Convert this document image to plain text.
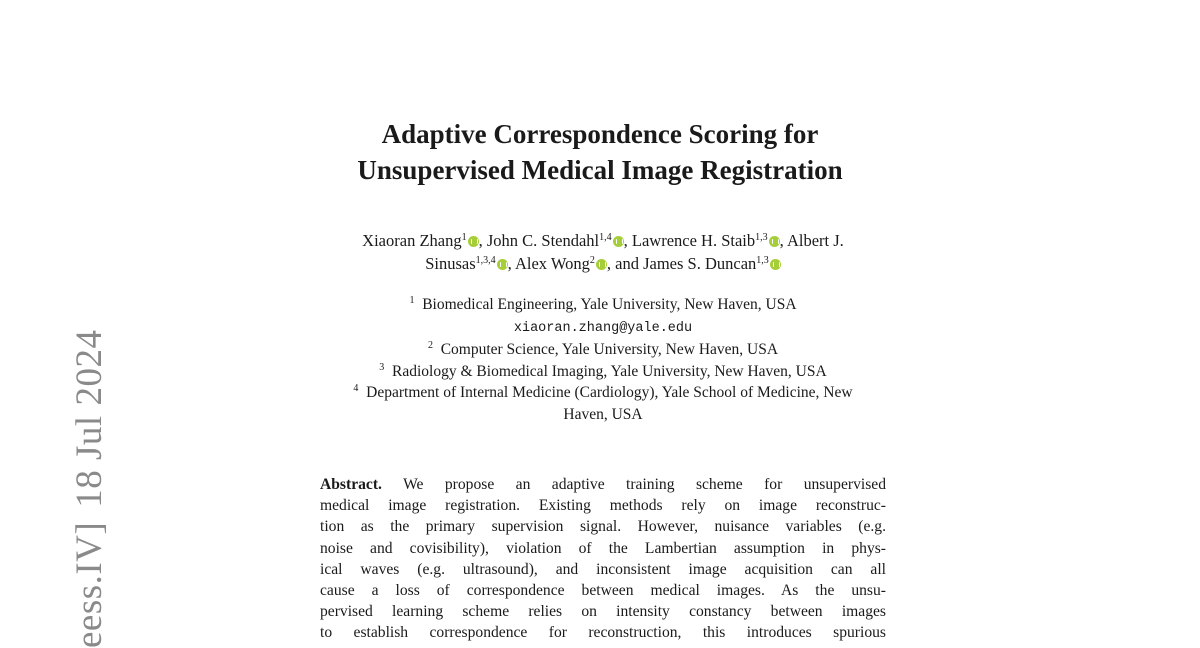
eess.IV]18 Jul 2024
Adaptive Correspondence Scoring for
Unsupervised Medical Image Registration
Xiaoran Zhang$^1$ , John C. Stendahl$^{1,4}$ , Lawrence H. Staib$^{1,3}$ , Albert J.
Sinusas$^{1,3,4}$ , Alex Wong$^2$ , and James S. Duncan$^{1,3}$
$^1$ Biomedical Engineering, Yale University, New Haven, USA
xiaoran.zhang@yale.edu
$^2$ Computer Science, Yale University, New Haven, USA
$^3$ Radiology & Biomedical Imaging, Yale University, New Haven, USA
$^4$ Department of Internal Medicine (Cardiology), Yale School of Medicine, New
Haven, USA
Abstract. We propose an adaptive training scheme for unsupervised
medical image registration. Existing methods rely on image reconstruc-
tion as the primary supervision signal. However, nuisance variables (e.g.
noise and covisibility), violation of the Lambertian assumption in phys-
ical waves (e.g. ultrasound), and inconsistent image acquisition can all
cause a loss of correspondence between medical images. As the unsu-
pervised learning scheme relies on intensity constancy between images
to establish correspondence for reconstruction, this introduces spurious
